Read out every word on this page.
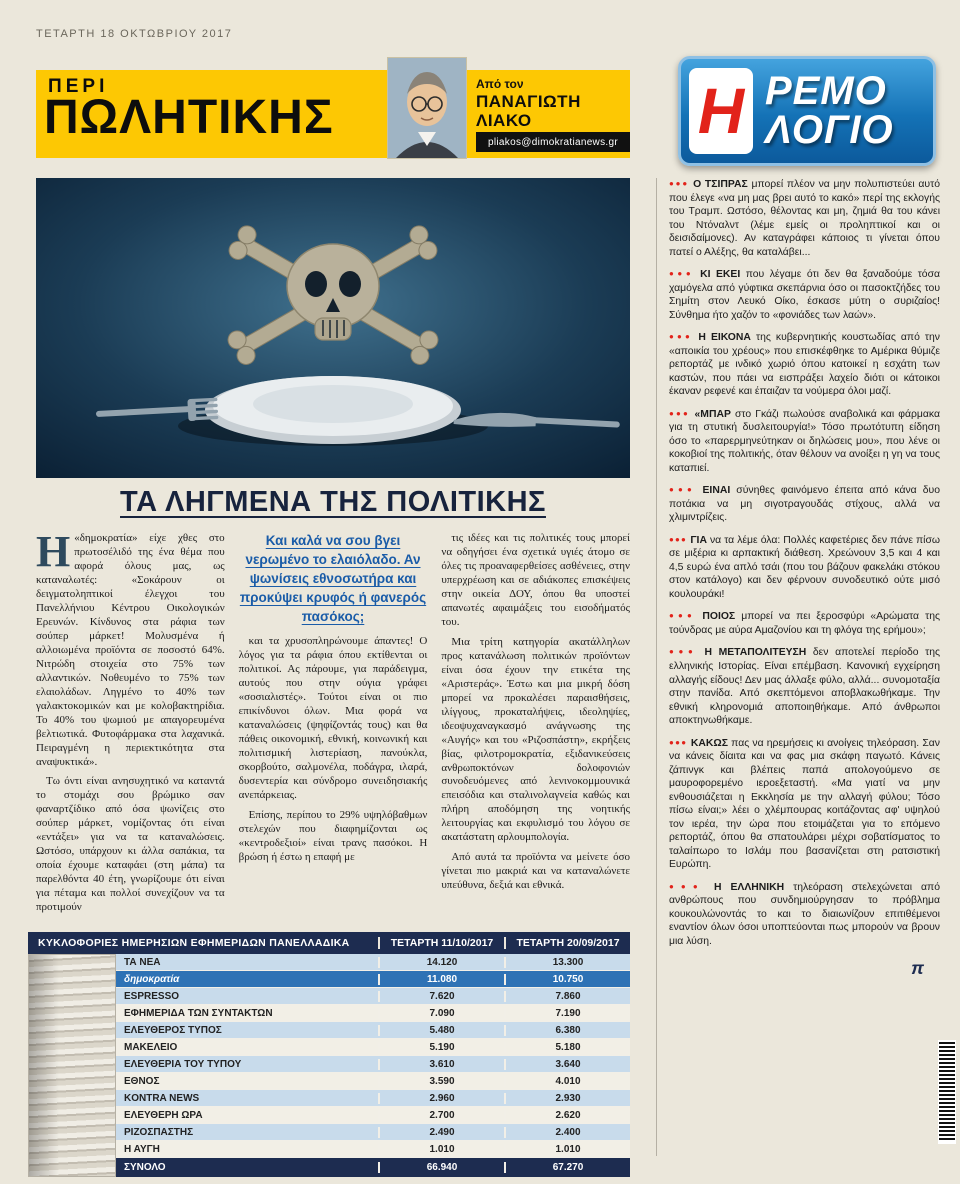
ΤΕΤΑΡΤΗ 18 ΟΚΤΩΒΡΙΟΥ 2017
ΠΕΡΙ
ΠΩΛΗΤΙΚΗΣ
Από τον
ΠΑΝΑΓΙΩΤΗ
ΛΙΑΚΟ
pliakos@dimokratianews.gr Η ΡΕΜΟ
ΛΟΓΙΟ
ΤΑ ΛΗΓΜΕΝΑ ΤΗΣ ΠΟΛΙΤΙΚΗΣ

Η «δημοκρατία» είχε χθες στο πρωτοσέλιδό της ένα θέμα που αφορά όλους μας, ως καταναλωτές: «Σοκάρουν οι δειγματοληπτικοί έλεγχοι του Πανελλήνιου Κέντρου Οικολογικών Ερευνών. Κίνδυνος στα ράφια των σούπερ μάρκετ! Μολυσμένα ή αλλοιωμένα προϊόντα σε ποσοστό 64%. Νιτρώδη στοιχεία στο 75% των αλλαντικών. Νοθευμένο το 75% των ελαιολάδων. Ληγμένο το 40% των γαλακτοκομικών και με κολοβακτηρίδια. Το 40% του ψωμιού με απαγορευμένα βελτιωτικά. Φυτοφάρμακα στα λαχανικά. Πειραγμένη η περιεκτικότητα στα αναψυκτικά».

Τω όντι είναι ανησυχητικό να καταντά το στομάχι σου βρώμικο σαν φαναρτζίδικο από όσα ψωνίζεις στο σούπερ μάρκετ, νομίζοντας ότι είναι «εντάξει» για να τα καταναλώσεις. Ωστόσο, υπάρχουν κι άλλα σαπάκια, τα οποία έχουμε καταφάει (στη μάπα) τα παρελθόντα 40 έτη, γνωρίζουμε ότι είναι για πέταμα και πολλοί συνεχίζουν να τα προτιμούν

Και καλά να σου βγει νερωμένο το ελαιόλαδο. Αν ψωνίσεις εθνοσωτήρα και προκύψει κρυφός ή φανερός πασόκος;

και τα χρυσοπληρώνουμε άπαντες! Ο λόγος για τα ράφια όπου εκτίθενται οι πολιτικοί. Ας πάρουμε, για παράδειγμα, αυτούς που στην ούγια γράφει «σοσιαλιστές». Τούτοι είναι οι πιο επικίνδυνοι όλων. Μια φορά να καταναλώσεις (ψηφίζοντάς τους) και θα πάθεις οικονομική, εθνική, κοινωνική και πολιτισμική λιστερίαση, πανούκλα, σκορβούτο, σαλμονέλα, ποδάγρα, ιλαρά, δυσεντερία και σύνδρομο συνειδησιακής ανεπάρκειας.

Επίσης, περίπου το 29% υψηλόβαθμων στελεχών που διαφημίζονται ως «κεντροδεξιοί» είναι τρανς πασόκοι. Η βρώση ή έστω η επαφή με

τις ιδέες και τις πολιτικές τους μπορεί να οδηγήσει ένα σχετικά υγιές άτομο σε όλες τις προαναφερθείσες ασθένειες, στην υπερχρέωση και σε αδιάκοπες επισκέψεις στην οικεία ΔΟΥ, όπου θα υποστεί απανωτές αφαιμάξεις του εισοδήματός του.

Μια τρίτη κατηγορία ακατάλληλων προς κατανάλωση πολιτικών προϊόντων είναι όσα έχουν την ετικέτα της «Αριστεράς». Έστω και μια μικρή δόση μπορεί να προκαλέσει παραισθήσεις, ιλίγγους, προκαταλήψεις, ιδεοληψίες, ιδεοψυχαναγκασμό ανάγνωσης της «Αυγής» και του «Ριζοσπάστη», εκρήξεις βίας, φιλοτρομοκρατία, εξιδανικεύσεις ανθρωποκτόνων δολοφονιών συνοδευόμενες από λενινοκομμουνικά επεισόδια και σταλινολαγνεία καθώς και πλήρη αποδόμηση της νοητικής λειτουργίας και εκφυλισμό του λόγου σε ακατάστατη αρλουμπολογία.

Από αυτά τα προϊόντα να μείνετε όσο γίνεται πιο μακριά και να καταναλώνετε υπεύθυνα, δεξιά και εθνικά.

ΚΥΚΛΟΦΟΡΙΕΣ ΗΜΕΡΗΣΙΩΝ ΕΦΗΜΕΡΙΔΩΝ ΠΑΝΕΛΛΑΔΙΚΑ	ΤΕΤΑΡΤΗ 11/10/2017	ΤΕΤΑΡΤΗ 20/09/2017
ΤΑ ΝΕΑ	14.120	13.300
δημοκρατία	11.080	10.750
ESPRESSO	7.620	7.860
ΕΦΗΜΕΡΙΔΑ ΤΩΝ ΣΥΝΤΑΚΤΩΝ	7.090	7.190
ΕΛΕΥΘΕΡΟΣ ΤΥΠΟΣ	5.480	6.380
ΜΑΚΕΛΕΙΟ	5.190	5.180
ΕΛΕΥΘΕΡΙΑ ΤΟΥ ΤΥΠΟΥ	3.610	3.640
ΕΘΝΟΣ	3.590	4.010
KONTRA NEWS	2.960	2.930
ΕΛΕΥΘΕΡΗ ΩΡΑ	2.700	2.620
ΡΙΖΟΣΠΑΣΤΗΣ	2.490	2.400
Η ΑΥΓΗ	1.010	1.010
ΣΥΝΟΛΟ	66.940	67.270
●●● Ο ΤΣΙΠΡΑΣ μπορεί πλέον να μην πολυπιστεύει αυτό που έλεγε «να μη μας βρει αυτό το κακό» περί της εκλογής του Τραμπ. Ωστόσο, θέλοντας και μη, ζημιά θα του κάνει του Ντόναλντ (λέμε εμείς οι προληπτικοί και οι δεισιδαίμονες). Αν καταγράφει κάποιος τι γίνεται όπου πατεί ο Αλέξης, θα καταλάβει...
●●● ΚΙ ΕΚΕΙ που λέγαμε ότι δεν θα ξαναδούμε τόσα χαμόγελα από γύφτικα σκεπάρνια όσο οι πασοκτζήδες του Σημίτη στον Λευκό Οίκο, έσκασε μύτη ο συριζαίος! Σύνθημα ήτο χαζόν το «φονιάδες των λαών».
●●● Η ΕΙΚΟΝΑ της κυβερνητικής κουστωδίας από την «αποικία του χρέους» που επισκέφθηκε το Αμέρικα θύμιζε ρεπορτάζ με ινδικό χωριό όπου κατοικεί η εσχάτη των καστών, που πάει να εισπράξει λαχείο διότι οι κάτοικοι έκαναν ρεφενέ και έπαιζαν τα νούμερα όλοι μαζί.
●●● «ΜΠΑΡ στο Γκάζι πωλούσε αναβολικά και φάρμακα για τη στυτική δυσλειτουργία!» Τόσο πρωτότυπη είδηση όσο το «παρερμηνεύτηκαν οι δηλώσεις μου», που λένε οι κοκοβιοί της πολιτικής, όταν θέλουν να ανοίξει η γη να τους καταπιεί.
●●● ΕΙΝΑΙ σύνηθες φαινόμενο έπειτα από κάνα δυο ποτάκια να μη σιγοτραγουδάς στίχους, αλλά να χλιμιντρίζεις.
●●● ΓΙΑ να τα λέμε όλα: Πολλές καφετέριες δεν πάνε πίσω σε μιξέρια κι αρπακτική διάθεση. Χρεώνουν 3,5 και 4 και 4,5 ευρώ ένα απλό τσάι (που του βάζουν φακελάκι στόκου στον κατάλογο) και δεν φέρνουν συνοδευτικό ούτε μισό κουλουράκι!
●●● ΠΟΙΟΣ μπορεί να πει ξεροσφύρι «Αρώματα της τούνδρας με αύρα Αμαζονίου και τη φλόγα της ερήμου»;
●●● Η ΜΕΤΑΠΟΛΙΤΕΥΣΗ δεν αποτελεί περίοδο της ελληνικής Ιστορίας. Είναι επέμβαση. Κανονική εγχείρηση αλλαγής είδους! Δεν μας άλλαξε φύλο, αλλά... συνομοταξία στην πανίδα. Από σκεπτόμενοι αποβλακωθήκαμε. Την εθνική κληρονομιά αποποιηθήκαμε. Από άνθρωποι αποκτηνωθήκαμε.
●●● ΚΑΚΩΣ πας να ηρεμήσεις κι ανοίγεις τηλεόραση. Σαν να κάνεις δίαιτα και να φας μια σκάφη παγωτό. Κάνεις ζάπινγκ και βλέπεις παπά απολογούμενο σε μαυροφορεμένο ιεροεξεταστή. «Μα γιατί να μην ενθουσιάζεται η Εκκλησία με την αλλαγή φύλου; Τόσο πίσω είναι;» λέει ο χλέμπουρας κοιτάζοντας αφ' υψηλού τον ιερέα, την ώρα που ετοιμάζεται για το επόμενο ρεπορτάζ, όπου θα σπατουλάρει μέχρι σοβατίσματος το ταλαίπωρο το Ισλάμ που βασανίζεται στη ρατσιστική Ευρώπη.
●●● Η ΕΛΛΗΝΙΚΗ τηλεόραση στελεχώνεται από ανθρώπους που συνδημιούργησαν το πρόβλημα κουκουλώνοντάς το και το διαιωνίζουν επιτιθέμενοι εναντίον όλων όσοι υποπτεύονται πως μπορούν να βρουν μια λύση.
π
